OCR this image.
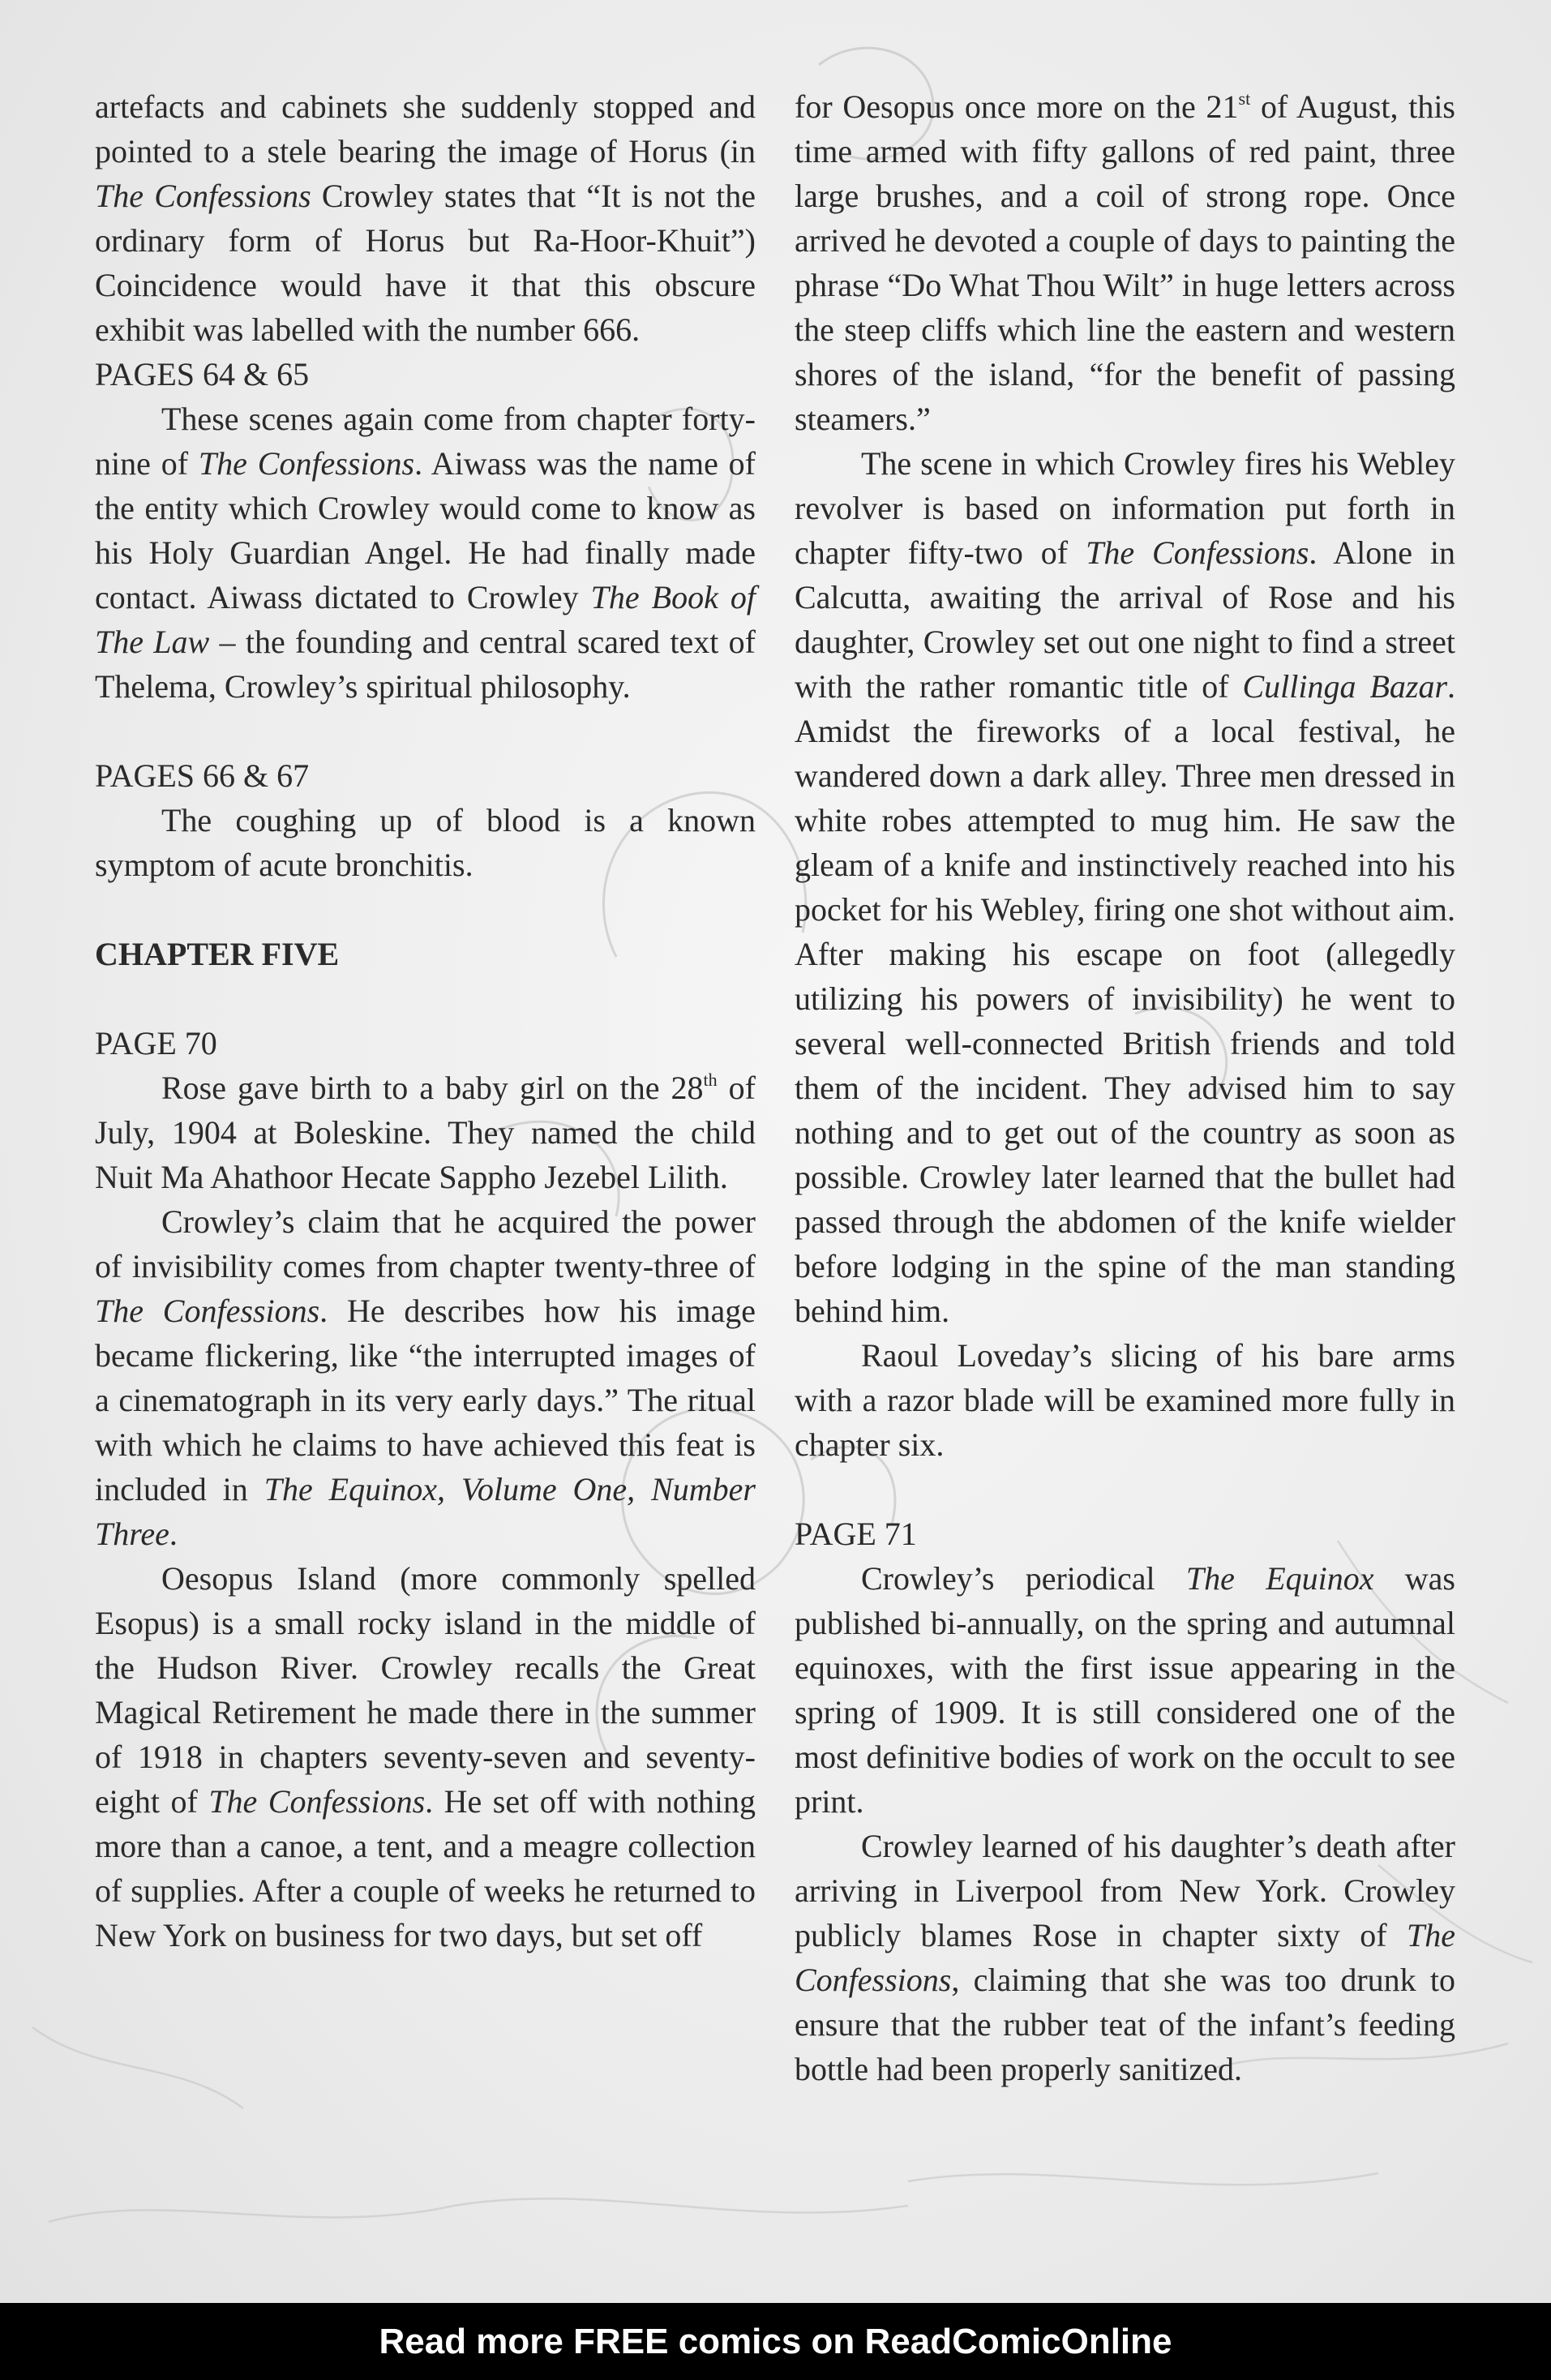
artefacts and cabinets she suddenly stopped and pointed to a stele bearing the image of Horus (in The Confessions Crowley states that “It is not the ordinary form of Horus but Ra-Hoor-Khuit”) Coincidence would have it that this obscure exhibit was labelled with the number 666.

PAGES 64 & 65

These scenes again come from chapter forty-nine of The Confessions. Aiwass was the name of the entity which Crowley would come to know as his Holy Guardian Angel. He had finally made contact. Aiwass dictated to Crowley The Book of The Law – the founding and central scared text of Thelema, Crowley’s spiritual philosophy.

PAGES 66 & 67

The coughing up of blood is a known symptom of acute bronchitis.

CHAPTER FIVE
PAGE 70

Rose gave birth to a baby girl on the 28th of July, 1904 at Boleskine. They named the child Nuit Ma Ahathoor Hecate Sappho Jezebel Lilith.

Crowley’s claim that he acquired the power of invisibility comes from chapter twenty-three of The Confessions. He describes how his image became flickering, like “the interrupted images of a cinematograph in its very early days.” The ritual with which he claims to have achieved this feat is included in The Equinox, Volume One, Number Three.

Oesopus Island (more commonly spelled Esopus) is a small rocky island in the middle of the Hudson River. Crowley recalls the Great Magical Retirement he made there in the summer of 1918 in chapters seventy-seven and seventy-eight of The Confessions. He set off with nothing more than a canoe, a tent, and a meagre collection of supplies. After a couple of weeks he returned to New York on business for two days, but set off

for Oesopus once more on the 21st of August, this time armed with fifty gallons of red paint, three large brushes, and a coil of strong rope. Once arrived he devoted a couple of days to painting the phrase “Do What Thou Wilt” in huge letters across the steep cliffs which line the eastern and western shores of the island, “for the benefit of passing steamers.”

The scene in which Crowley fires his Webley revolver is based on information put forth in chapter fifty-two of The Confessions. Alone in Calcutta, awaiting the arrival of Rose and his daughter, Crowley set out one night to find a street with the rather romantic title of Cullinga Bazar. Amidst the fireworks of a local festival, he wandered down a dark alley. Three men dressed in white robes attempted to mug him. He saw the gleam of a knife and instinctively reached into his pocket for his Webley, firing one shot without aim. After making his escape on foot (allegedly utilizing his powers of invisibility) he went to several well-connected British friends and told them of the incident. They advised him to say nothing and to get out of the country as soon as possible. Crowley later learned that the bullet had passed through the abdomen of the knife wielder before lodging in the spine of the man standing behind him.

Raoul Loveday’s slicing of his bare arms with a razor blade will be examined more fully in chapter six.

PAGE 71

Crowley’s periodical The Equinox was published bi-annually, on the spring and autumnal equinoxes, with the first issue appearing in the spring of 1909. It is still considered one of the most definitive bodies of work on the occult to see print.

Crowley learned of his daughter’s death after arriving in Liverpool from New York. Crowley publicly blames Rose in chapter sixty of The Confessions, claiming that she was too drunk to ensure that the rubber teat of the infant’s feeding bottle had been properly sanitized.

Read more FREE comics on ReadComicOnline
